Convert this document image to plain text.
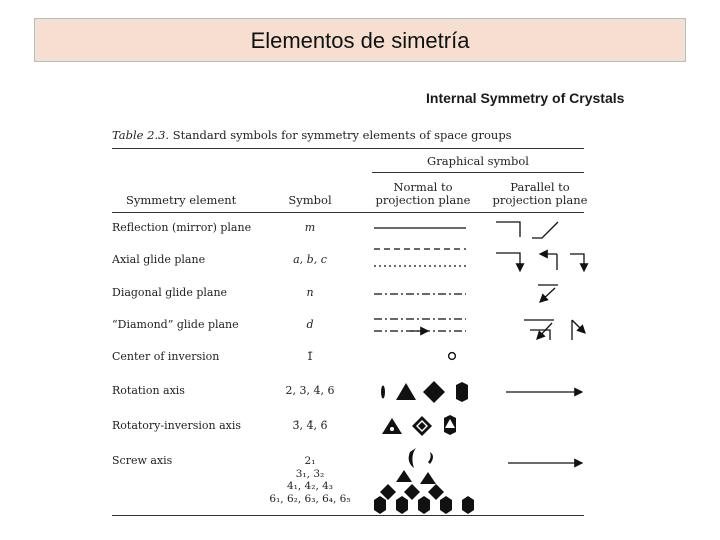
Elementos de simetría
Internal Symmetry of Crystals
Table 2.3. Standard symbols for symmetry elements of space groups
Graphical symbol
Symmetry element	Symbol
Normal to
projection plane
Parallel to
projection plane
Reflection (mirror) plane
Axial glide plane
Diagonal glide plane
“Diamond” glide plane
Center of inversion
Rotation axis
Rotatory-inversion axis
Screw axis
m
a, b, c
n
d
1̄
2, 3, 4, 6
3̄, 4̄, 6̄
2₁
3₁, 3₂
4₁, 4₂, 4₃
6₁, 6₂, 6₃, 6₄, 6₅
